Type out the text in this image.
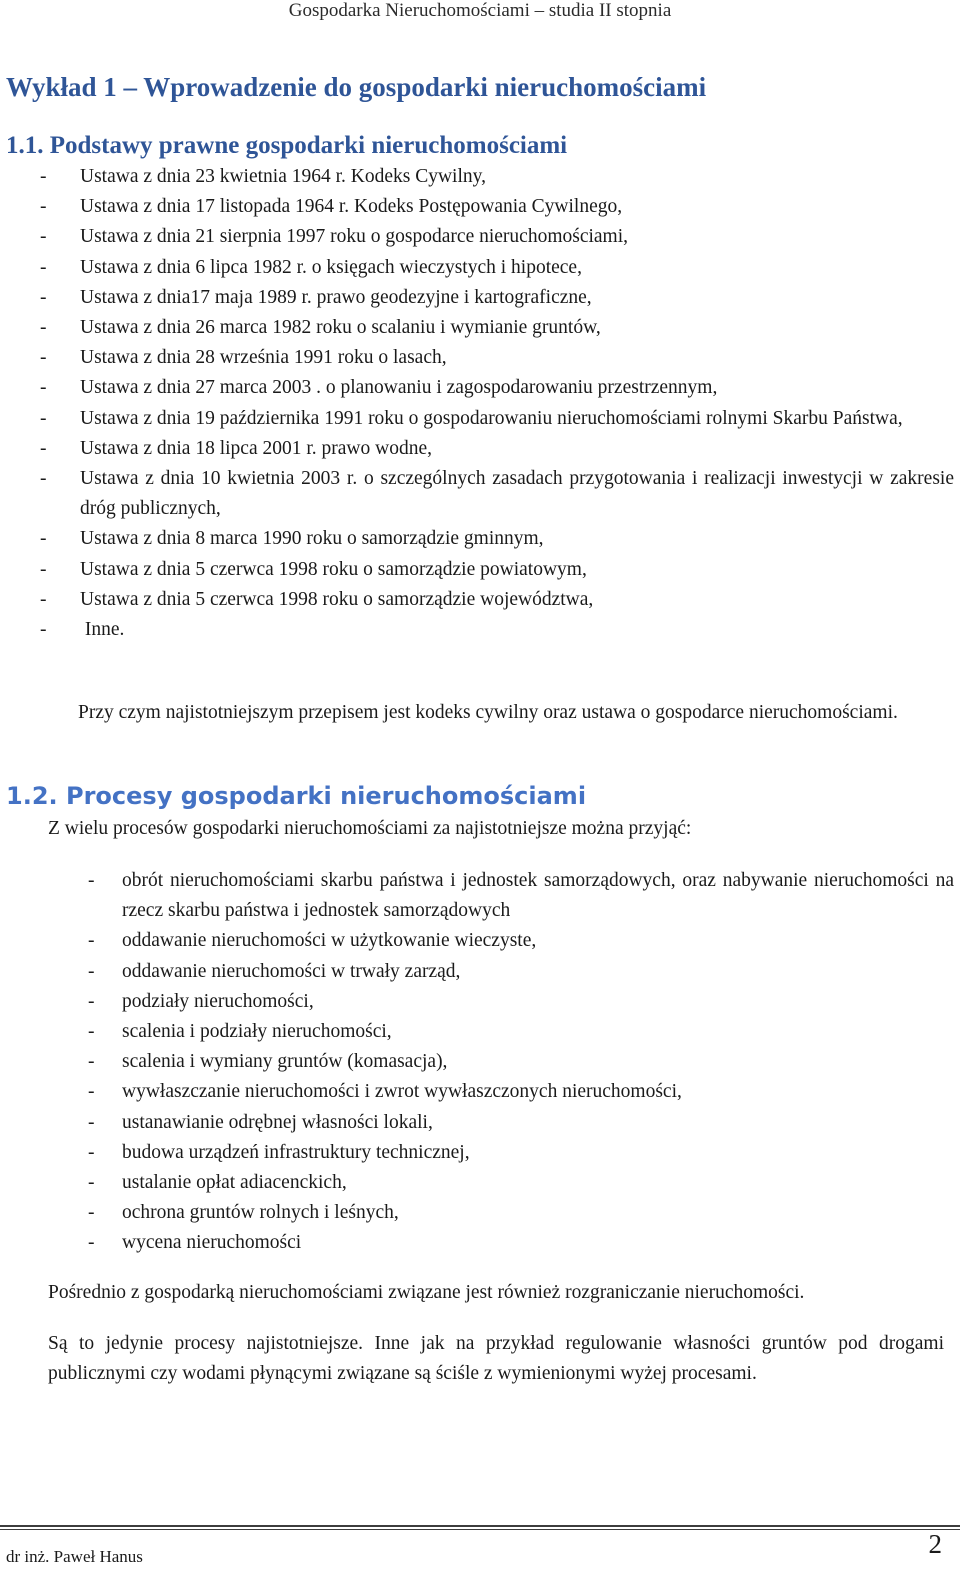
Gospodarka Nieruchomościami – studia II stopnia
Wykład 1 – Wprowadzenie do gospodarki nieruchomościami
1.1. Podstawy prawne gospodarki nieruchomościami
- Ustawa z dnia 23 kwietnia 1964 r. Kodeks Cywilny,
- Ustawa z dnia 17 listopada 1964 r. Kodeks Postępowania Cywilnego,
- Ustawa z dnia 21 sierpnia 1997 roku o gospodarce nieruchomościami,
- Ustawa z dnia 6 lipca 1982 r. o księgach wieczystych i hipotece,
- Ustawa z dnia17 maja 1989 r. prawo geodezyjne i kartograficzne,
- Ustawa z dnia 26 marca 1982 roku o scalaniu i wymianie gruntów,
- Ustawa z dnia 28 września 1991 roku o lasach,
- Ustawa z dnia 27 marca 2003 . o planowaniu i zagospodarowaniu przestrzennym,
- Ustawa z dnia 19 października 1991 roku o gospodarowaniu nieruchomościami rolnymi Skarbu Państwa,
- Ustawa z dnia 18 lipca 2001 r. prawo wodne,
- Ustawa z dnia 10 kwietnia 2003 r. o szczególnych zasadach przygotowania i realizacji inwestycji w zakresie dróg publicznych,
- Ustawa z dnia 8 marca 1990 roku o samorządzie gminnym,
- Ustawa z dnia 5 czerwca 1998 roku o samorządzie powiatowym,
- Ustawa z dnia 5 czerwca 1998 roku o samorządzie województwa,
- Inne.

Przy czym najistotniejszym przepisem jest kodeks cywilny oraz ustawa o gospodarce nieruchomościami.

1.2. Procesy gospodarki nieruchomościami

Z wielu procesów gospodarki nieruchomościami za najistotniejsze można przyjąć:

- obrót nieruchomościami skarbu państwa i jednostek samorządowych, oraz nabywanie nieruchomości na rzecz skarbu państwa i jednostek samorządowych
- oddawanie nieruchomości w użytkowanie wieczyste,
- oddawanie nieruchomości w trwały zarząd,
- podziały nieruchomości,
- scalenia i podziały nieruchomości,
- scalenia i wymiany gruntów (komasacja),
- wywłaszczanie nieruchomości i zwrot wywłaszczonych nieruchomości,
- ustanawianie odrębnej własności lokali,
- budowa urządzeń infrastruktury technicznej,
- ustalanie opłat adiacenckich,
- ochrona gruntów rolnych i leśnych,
- wycena nieruchomości

Pośrednio z gospodarką nieruchomościami związane jest również rozgraniczanie nieruchomości.

Są to jedynie procesy najistotniejsze. Inne jak na przykład regulowanie własności gruntów pod drogami publicznymi czy wodami płynącymi związane są ściśle z wymienionymi wyżej procesami.

dr inż. Paweł Hanus	2
